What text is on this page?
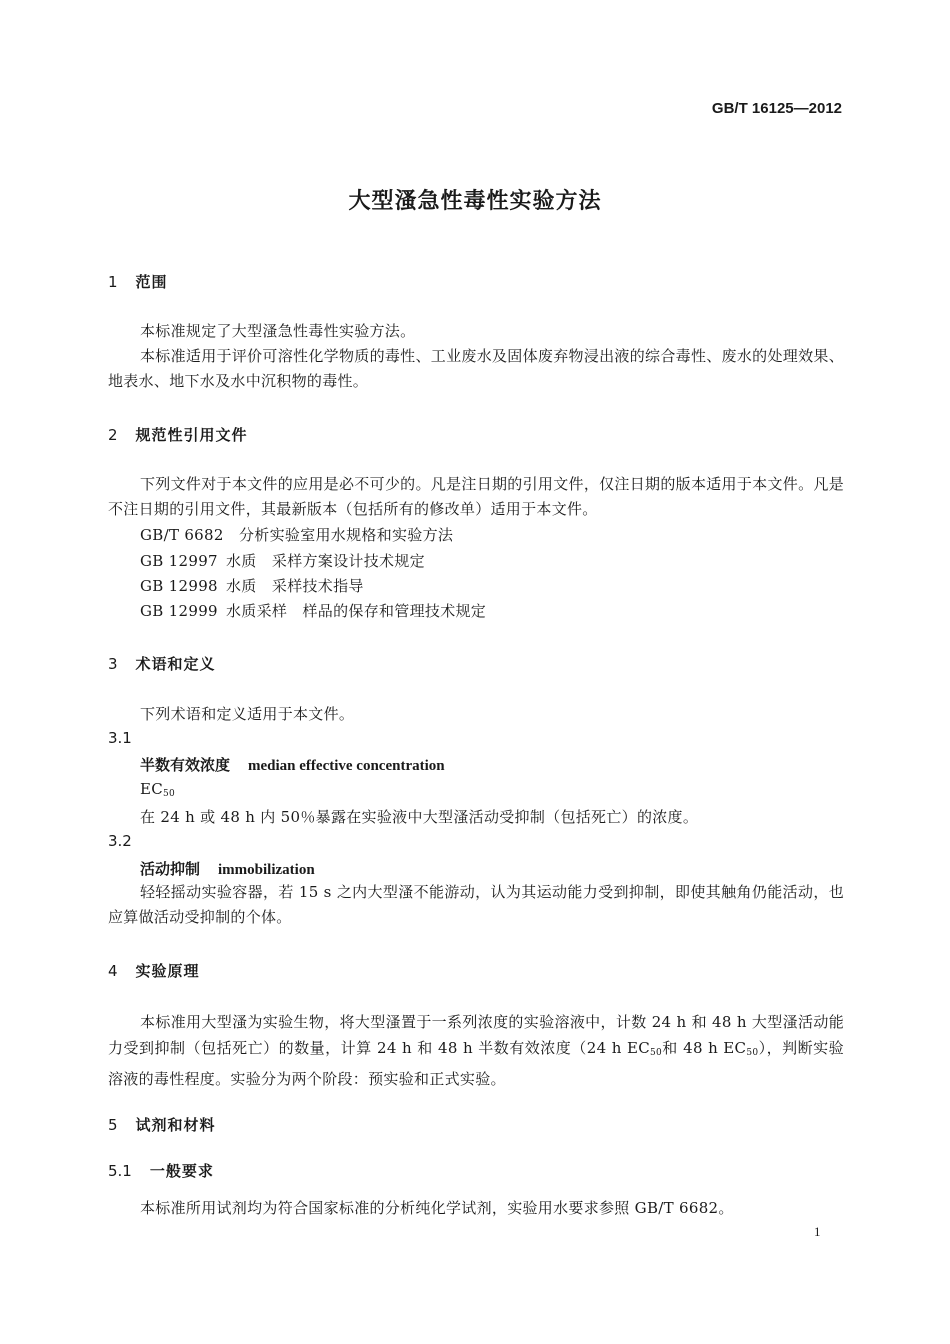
GB/T 16125—2012
大型溞急性毒性实验方法
1 范围
本标准规定了大型溞急性毒性实验方法。
本标准适用于评价可溶性化学物质的毒性、工业废水及固体废弃物浸出液的综合毒性、废水的处理效果、地表水、地下水及水中沉积物的毒性。
2 规范性引用文件
下列文件对于本文件的应用是必不可少的。凡是注日期的引用文件，仅注日期的版本适用于本文件。凡是不注日期的引用文件，其最新版本（包括所有的修改单）适用于本文件。
GB/T 6682 分析实验室用水规格和实验方法
GB 12997 水质　采样方案设计技术规定
GB 12998 水质　采样技术指导
GB 12999 水质采样　样品的保存和管理技术规定
3 术语和定义
下列术语和定义适用于本文件。
3.1
半数有效浓度 median effective concentration
$EC_{50}$
在 24 h 或 48 h 内 50％暴露在实验液中大型溞活动受抑制（包括死亡）的浓度。
3.2
活动抑制 immobilization
轻轻摇动实验容器，若 15 s 之内大型溞不能游动，认为其运动能力受到抑制，即使其触角仍能活动，也应算做活动受抑制的个体。
4 实验原理
本标准用大型溞为实验生物，将大型溞置于一系列浓度的实验溶液中，计数 24 h 和 48 h 大型溞活动能力受到抑制（包括死亡）的数量，计算 24 h 和 48 h 半数有效浓度（24 h $EC_{50}$和 48 h $EC_{50}$），判断实验溶液的毒性程度。实验分为两个阶段：预实验和正式实验。
5 试剂和材料
5.1 一般要求
本标准所用试剂均为符合国家标准的分析纯化学试剂，实验用水要求参照 GB/T 6682。
1
